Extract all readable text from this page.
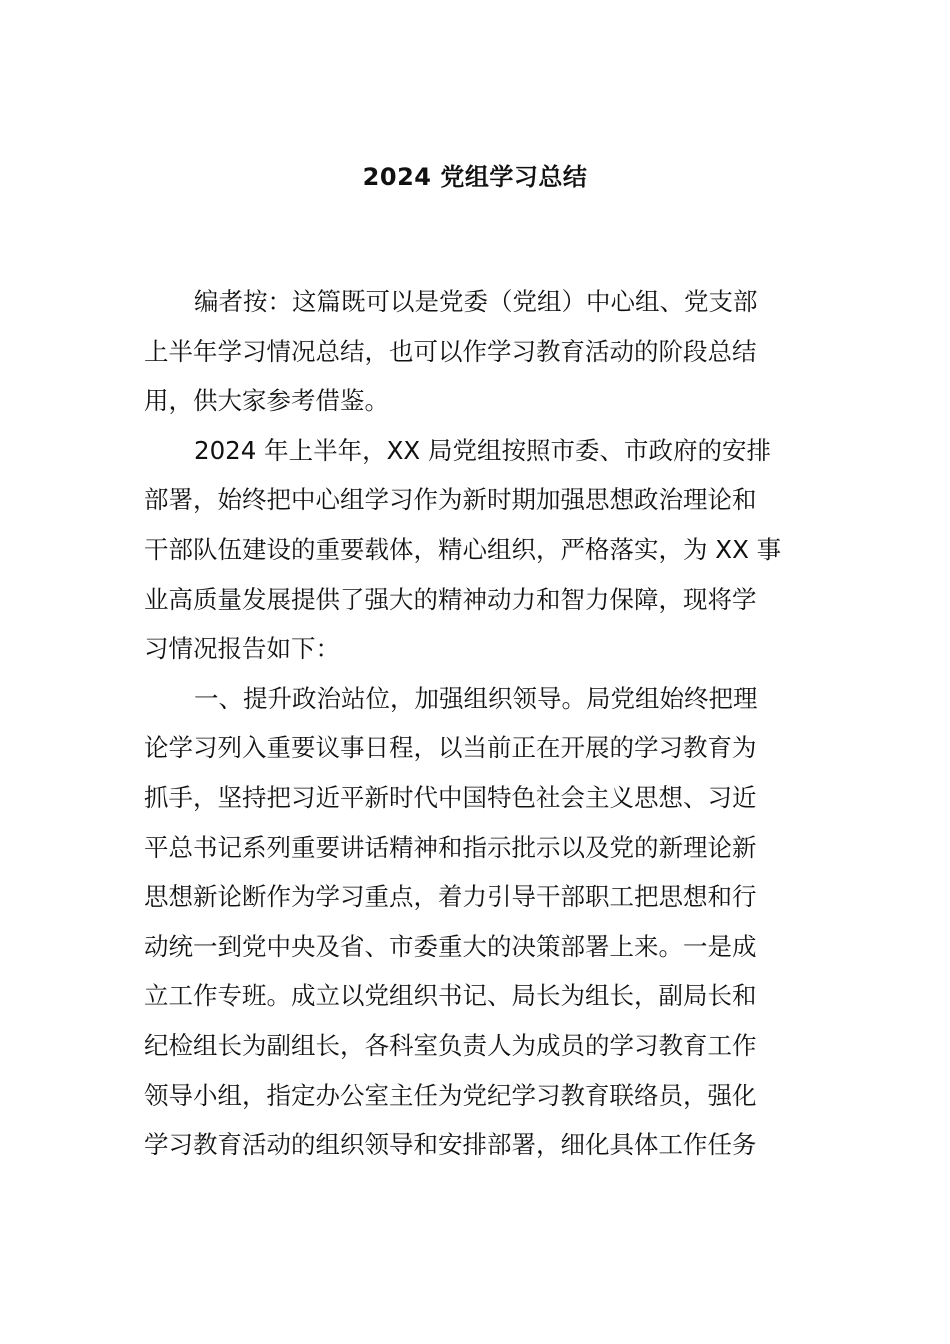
2024 党组学习总结
编者按：这篇既可以是党委（党组）中心组、党支部
上半年学习情况总结，也可以作学习教育活动的阶段总结
用，供大家参考借鉴。
2024 年上半年，XX 局党组按照市委、市政府的安排
部署，始终把中心组学习作为新时期加强思想政治理论和
干部队伍建设的重要载体，精心组织，严格落实，为 XX 事
业高质量发展提供了强大的精神动力和智力保障，现将学
习情况报告如下：
一、提升政治站位，加强组织领导。局党组始终把理
论学习列入重要议事日程，以当前正在开展的学习教育为
抓手，坚持把习近平新时代中国特色社会主义思想、习近
平总书记系列重要讲话精神和指示批示以及党的新理论新
思想新论断作为学习重点，着力引导干部职工把思想和行
动统一到党中央及省、市委重大的决策部署上来。一是成
立工作专班。成立以党组织书记、局长为组长，副局长和
纪检组长为副组长，各科室负责人为成员的学习教育工作
领导小组，指定办公室主任为党纪学习教育联络员，强化
学习教育活动的组织领导和安排部署，细化具体工作任务
